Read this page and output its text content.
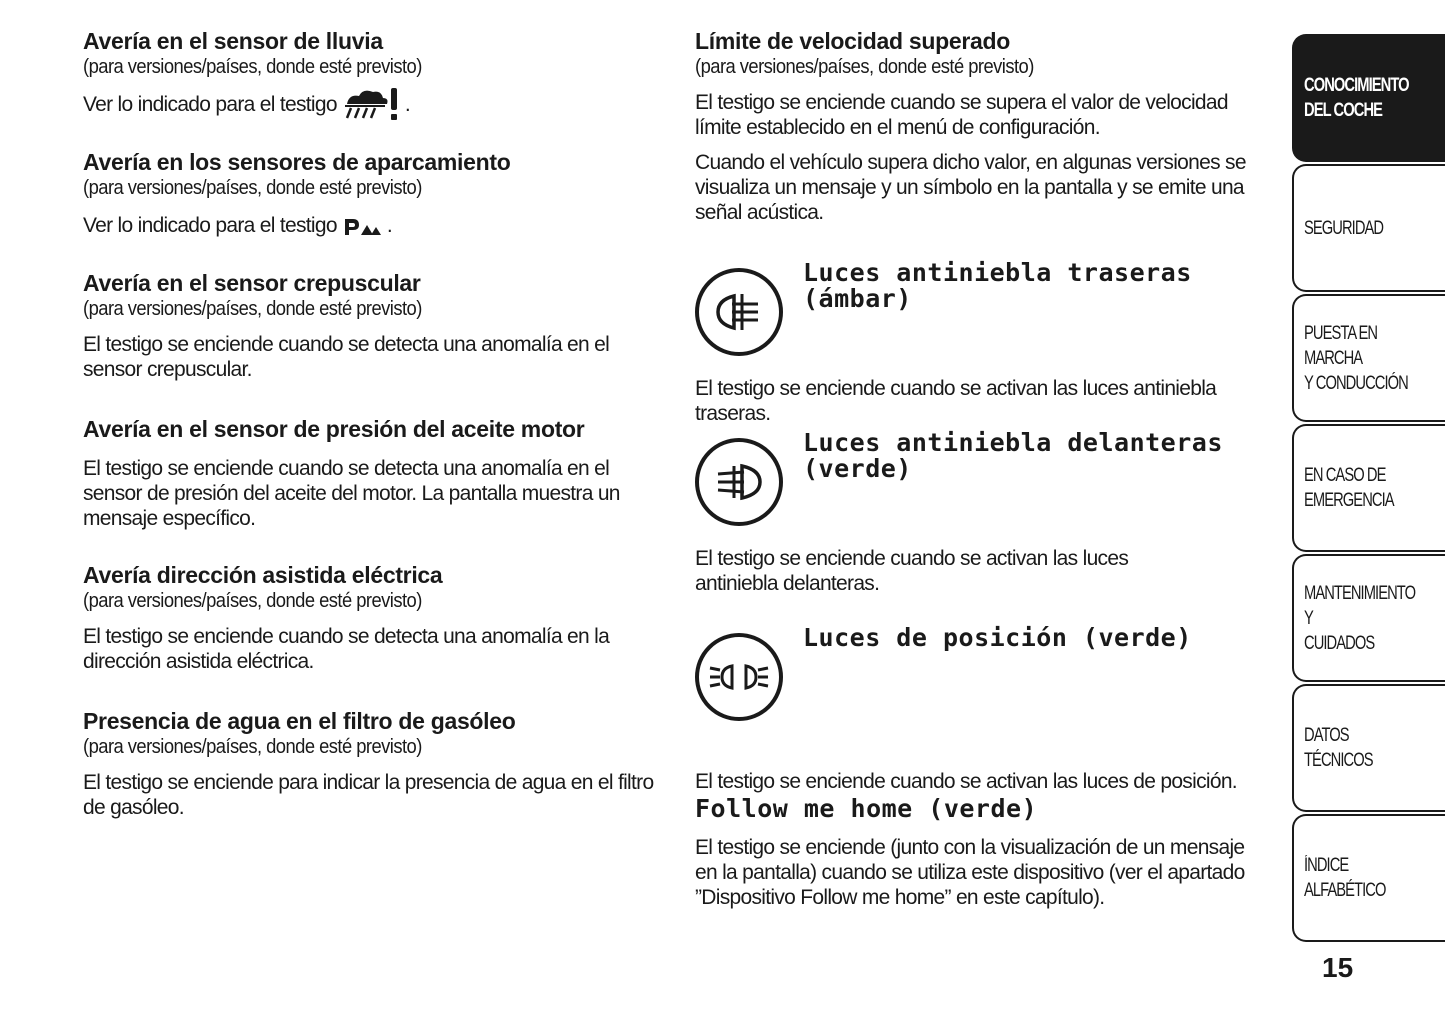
Avería en el sensor de lluvia

(para versiones/países, donde esté previsto)

Ver lo indicado para el testigo	.
Avería en los sensores de aparcamiento

(para versiones/países, donde esté previsto)

Ver lo indicado para el testigo .
Avería en el sensor crepuscular

(para versiones/países, donde esté previsto)

El testigo se enciende cuando se detecta una anomalía en el sensor crepuscular.

Avería en el sensor de presión del aceite motor

El testigo se enciende cuando se detecta una anomalía en el sensor de presión del aceite del motor. La pantalla muestra un mensaje específico.

Avería dirección asistida eléctrica

(para versiones/países, donde esté previsto)

El testigo se enciende cuando se detecta una anomalía en la dirección asistida eléctrica.

Presencia de agua en el filtro de gasóleo

(para versiones/países, donde esté previsto)

El testigo se enciende para indicar la presencia de agua en el filtro de gasóleo.

Límite de velocidad superado

(para versiones/países, donde esté previsto)

El testigo se enciende cuando se supera el valor de velocidad límite establecido en el menú de configuración.

Cuando el vehículo supera dicho valor, en algunas versiones se visualiza un mensaje y un símbolo en la pantalla y se emite una señal acústica.

Luces antiniebla traseras

(ámbar)

El testigo se enciende cuando se activan las luces antiniebla traseras.

Luces antiniebla delanteras

(verde)

El testigo se enciende cuando se activan las luces antiniebla delanteras.

Luces de posición (verde)

El testigo se enciende cuando se activan las luces de posición.

Follow me home (verde)

El testigo se enciende (junto con la visualización de un mensaje en la pantalla) cuando se utiliza este dispositivo (ver el apartado ”Dispositivo Follow me home” en este capítulo).

CONOCIMIENTO
DEL COCHE
SEGURIDAD
PUESTA EN MARCHA
Y CONDUCCIÓN
EN CASO DE
EMERGENCIA
MANTENIMIENTO Y
CUIDADOS
DATOS TÉCNICOS
ÍNDICE ALFABÉTICO
15
